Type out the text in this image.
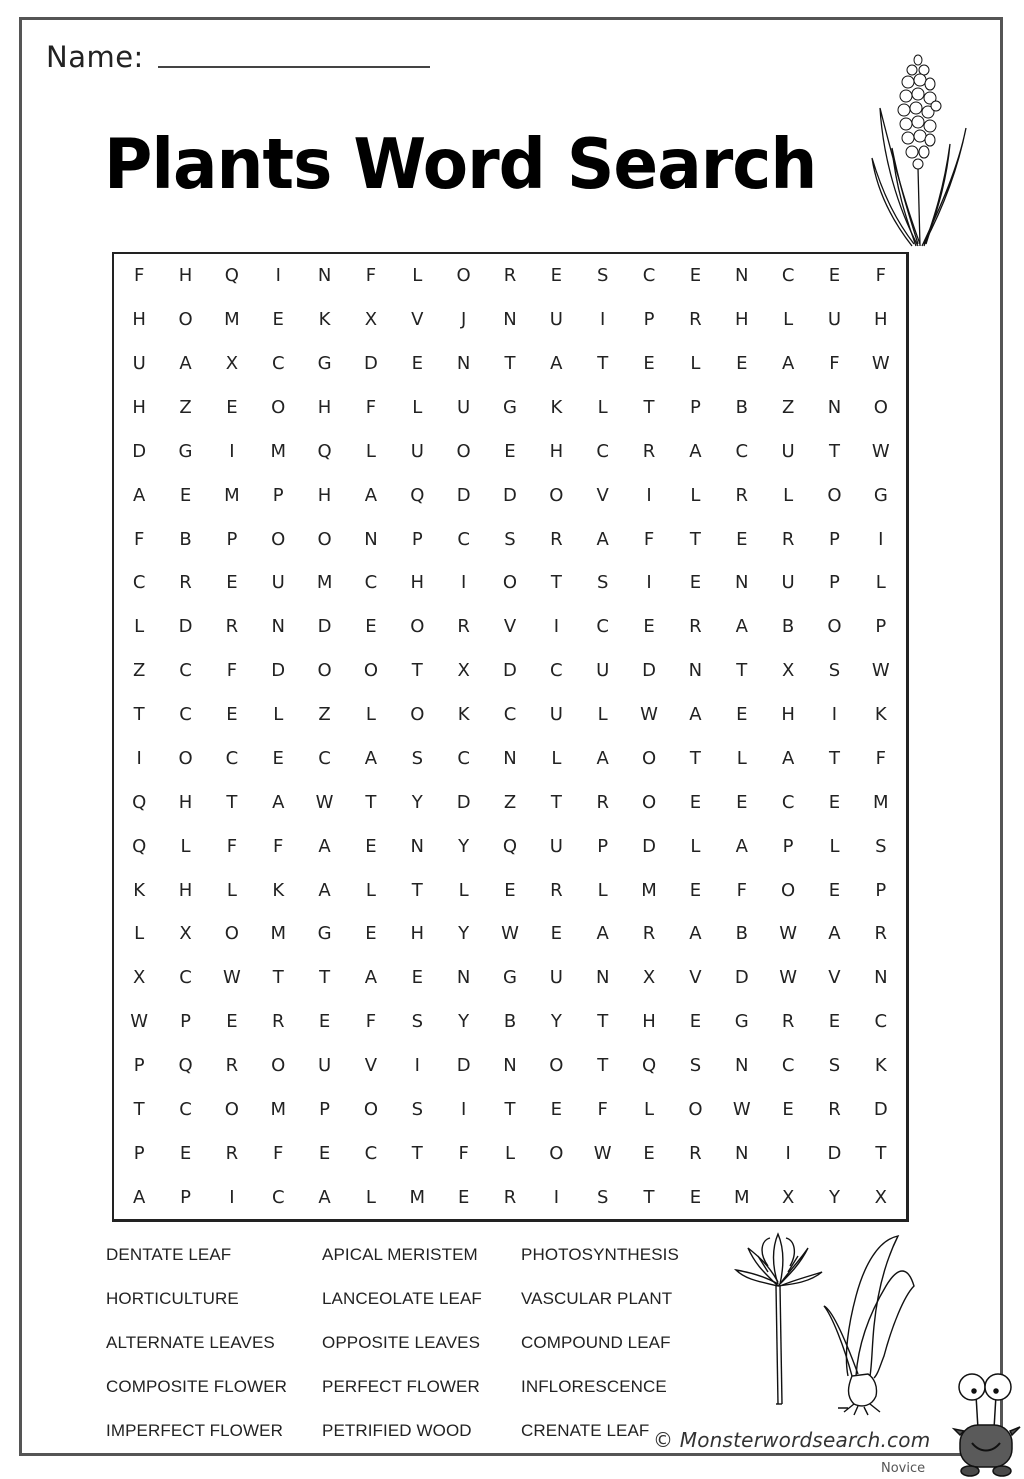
Name:
Plants Word Search
F	H	Q	I	N	F	L	O	R	E	S	C	E	N	C	E	F
H	O	M	E	K	X	V	J	N	U	I	P	R	H	L	U	H
U	A	X	C	G	D	E	N	T	A	T	E	L	E	A	F	W
H	Z	E	O	H	F	L	U	G	K	L	T	P	B	Z	N	O
D	G	I	M	Q	L	U	O	E	H	C	R	A	C	U	T	W
A	E	M	P	H	A	Q	D	D	O	V	I	L	R	L	O	G
F	B	P	O	O	N	P	C	S	R	A	F	T	E	R	P	I
C	R	E	U	M	C	H	I	O	T	S	I	E	N	U	P	L
L	D	R	N	D	E	O	R	V	I	C	E	R	A	B	O	P
Z	C	F	D	O	O	T	X	D	C	U	D	N	T	X	S	W
T	C	E	L	Z	L	O	K	C	U	L	W	A	E	H	I	K
I	O	C	E	C	A	S	C	N	L	A	O	T	L	A	T	F
Q	H	T	A	W	T	Y	D	Z	T	R	O	E	E	C	E	M
Q	L	F	F	A	E	N	Y	Q	U	P	D	L	A	P	L	S
K	H	L	K	A	L	T	L	E	R	L	M	E	F	O	E	P
L	X	O	M	G	E	H	Y	W	E	A	R	A	B	W	A	R
X	C	W	T	T	A	E	N	G	U	N	X	V	D	W	V	N
W	P	E	R	E	F	S	Y	B	Y	T	H	E	G	R	E	C
P	Q	R	O	U	V	I	D	N	O	T	Q	S	N	C	S	K
T	C	O	M	P	O	S	I	T	E	F	L	O	W	E	R	D
P	E	R	F	E	C	T	F	L	O	W	E	R	N	I	D	T
A	P	I	C	A	L	M	E	R	I	S	T	E	M	X	Y	X
DENTATE LEAF	APICAL MERISTEM	PHOTOSYNTHESIS
HORTICULTURE	LANCEOLATE LEAF	VASCULAR PLANT
ALTERNATE LEAVES	OPPOSITE LEAVES	COMPOUND LEAF
COMPOSITE FLOWER	PERFECT FLOWER	INFLORESCENCE
IMPERFECT FLOWER	PETRIFIED WOOD	CRENATE LEAF © Monsterwordsearch.com
Novice
